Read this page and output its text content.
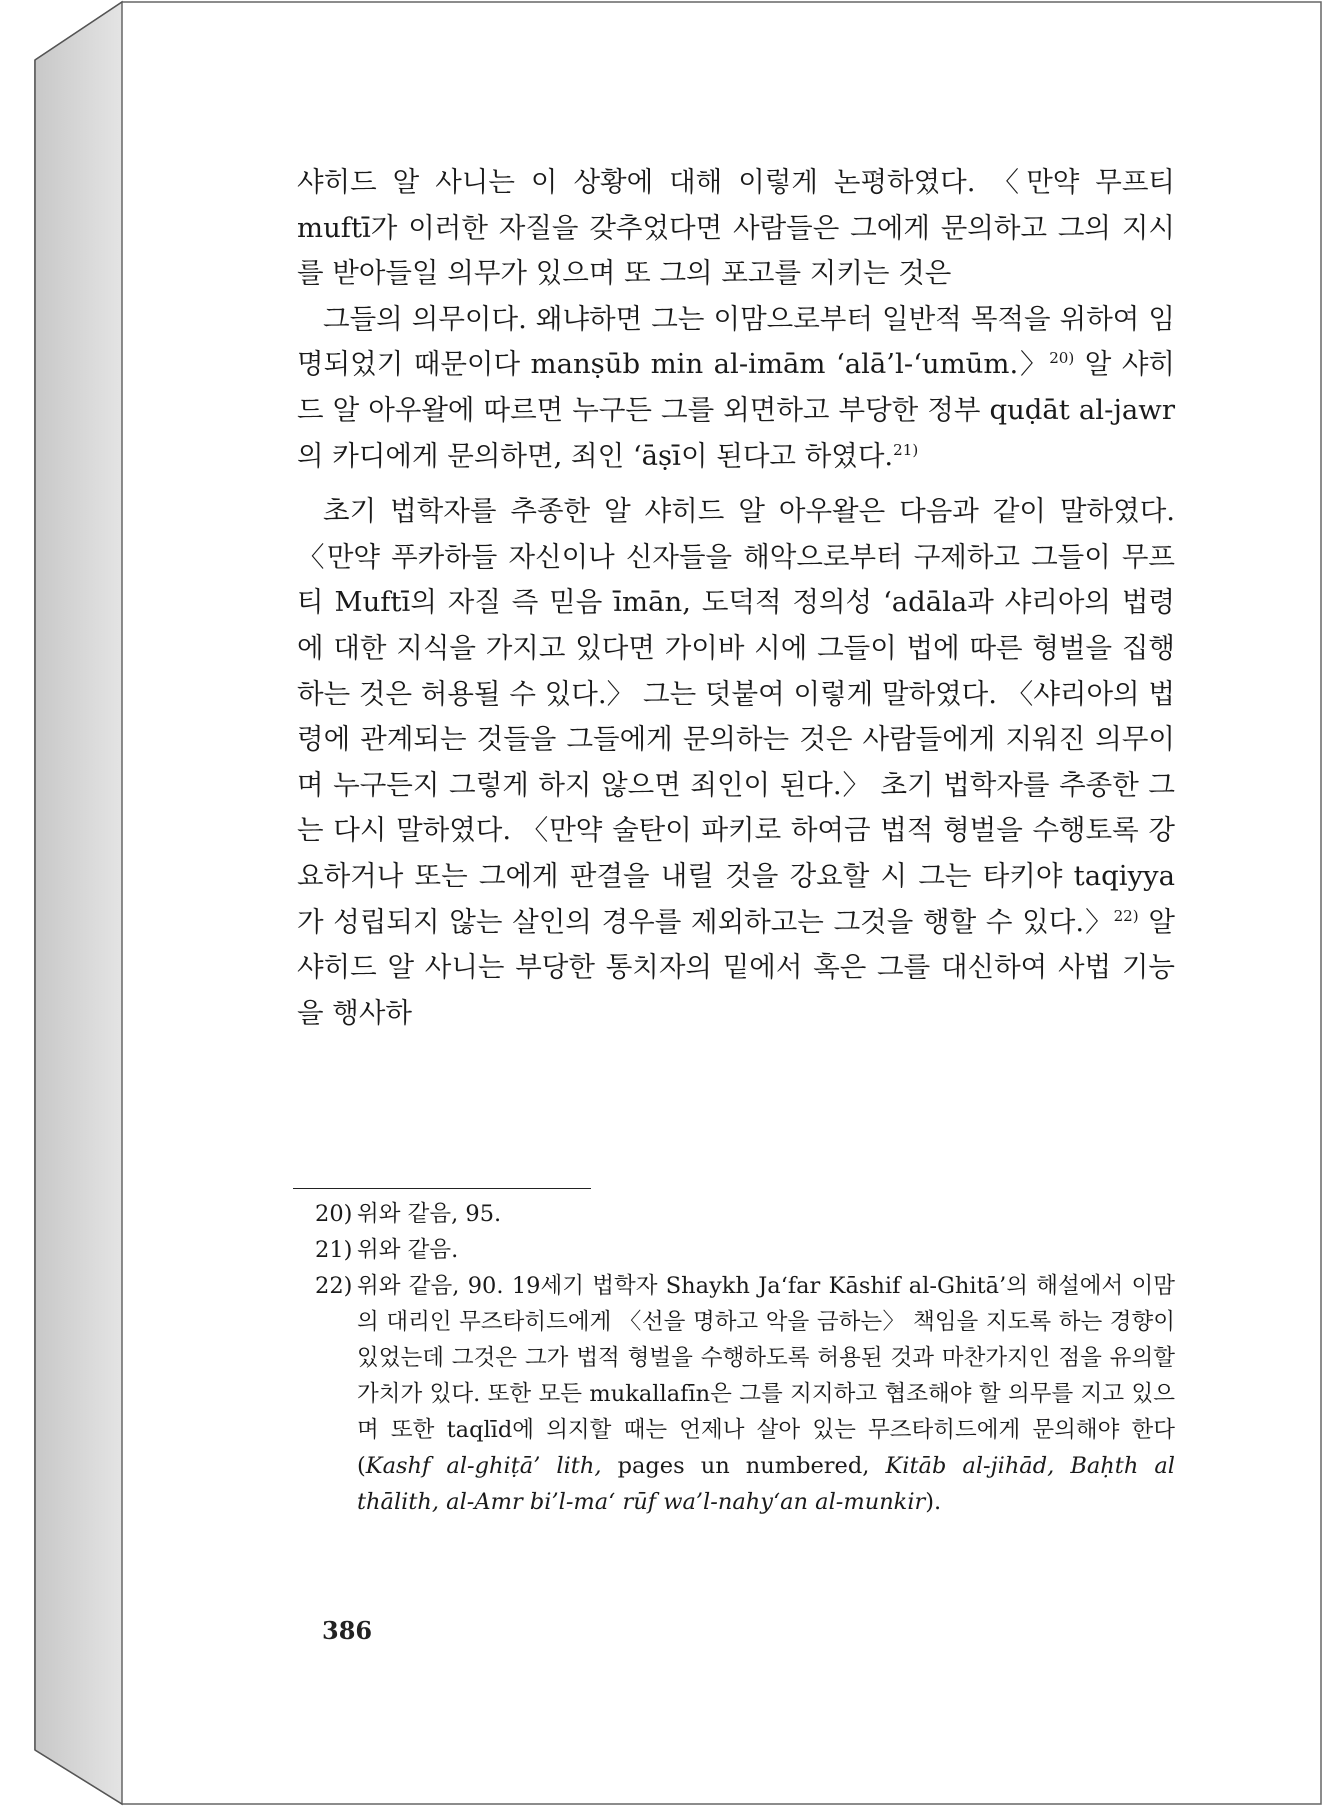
샤히드 알 사니는 이 상황에 대해 이렇게 논평하였다. 〈만약 무프티 muftī가 이러한 자질을 갖추었다면 사람들은 그에게 문의하고 그의 지시를 받아들일 의무가 있으며 또 그의 포고를 지키는 것은

그들의 의무이다. 왜냐하면 그는 이맘으로부터 일반적 목적을 위하여 임명되었기 때문이다 manṣūb min al-imām ‘alā’l-‘umūm.〉$^{20)}$ 알 샤히드 알 아우왈에 따르면 누구든 그를 외면하고 부당한 정부 quḍāt al-jawr의 카디에게 문의하면, 죄인 ‘āṣī이 된다고 하였다.$^{21)}$

초기 법학자를 추종한 알 샤히드 알 아우왈은 다음과 같이 말하였다. 〈만약 푸카하들 자신이나 신자들을 해악으로부터 구제하고 그들이 무프티 Muftī의 자질 즉 믿음 īmān, 도덕적 정의성 ‘adāla과 샤리아의 법령에 대한 지식을 가지고 있다면 가이바 시에 그들이 법에 따른 형벌을 집행하는 것은 허용될 수 있다.〉 그는 덧붙여 이렇게 말하였다. 〈샤리아의 법령에 관계되는 것들을 그들에게 문의하는 것은 사람들에게 지워진 의무이며 누구든지 그렇게 하지 않으면 죄인이 된다.〉 초기 법학자를 추종한 그는 다시 말하였다. 〈만약 술탄이 파키로 하여금 법적 형벌을 수행토록 강요하거나 또는 그에게 판결을 내릴 것을 강요할 시 그는 타키야 taqiyya가 성립되지 않는 살인의 경우를 제외하고는 그것을 행할 수 있다.〉$^{22)}$ 알 샤히드 알 사니는 부당한 통치자의 밑에서 혹은 그를 대신하여 사법 기능을 행사하

20) 위와 같음, 95.
21) 위와 같음.
22) 위와 같음, 90. 19세기 법학자 Shaykh Ja‘far Kāshif al-Ghitā’의 해설에서 이맘의 대리인 무즈타히드에게 〈선을 명하고 악을 금하는〉 책임을 지도록 하는 경향이 있었는데 그것은 그가 법적 형벌을 수행하도록 허용된 것과 마찬가지인 점을 유의할 가치가 있다. 또한 모든 mukallafīn은 그를 지지하고 협조해야 할 의무를 지고 있으며 또한 taqlīd에 의지할 때는 언제나 살아 있는 무즈타히드에게 문의해야 한다(Kashf al-ghiṭā’ lith, pages un numbered, Kitāb al-jihād, Baḥth al thālith, al-Amr bi’l-ma‘ rūf wa’l-nahy‘an al-munkir).
386
